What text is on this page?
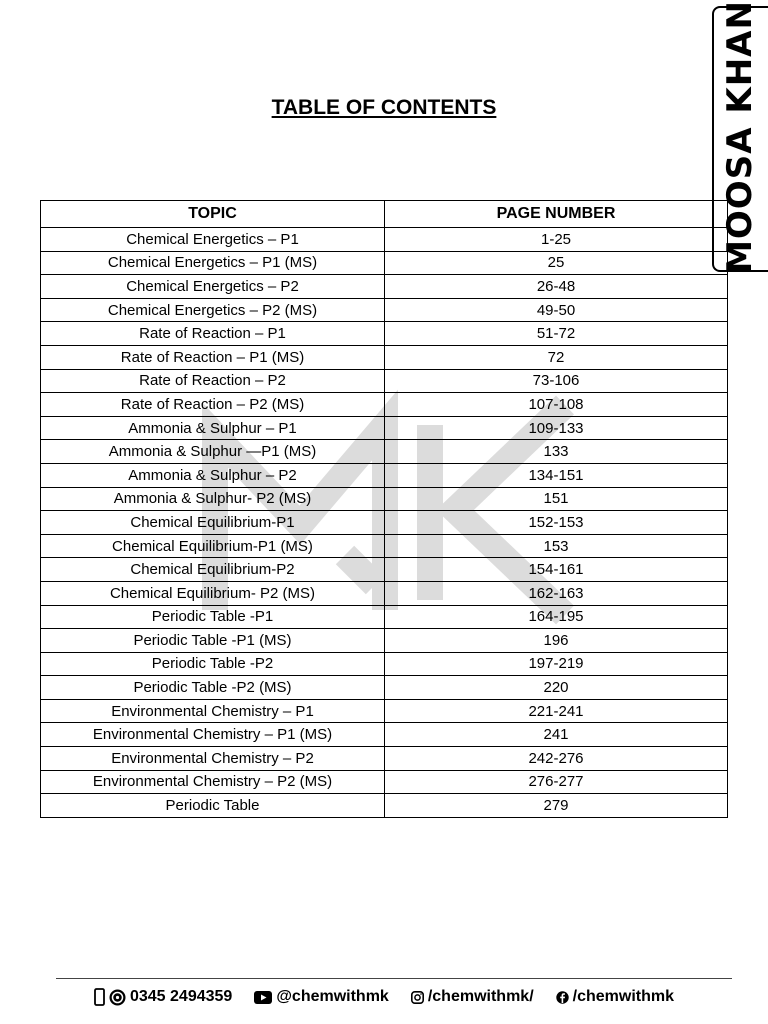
MOOSA KHAN
TABLE OF CONTENTS
TOPIC	PAGE NUMBER
Chemical Energetics – P1	1-25
Chemical Energetics – P1 (MS)	25
Chemical Energetics – P2	26-48
Chemical Energetics – P2 (MS)	49-50
Rate of Reaction – P1	51-72
Rate of Reaction – P1 (MS)	72
Rate of Reaction – P2	73-106
Rate of Reaction – P2 (MS)	107-108
Ammonia & Sulphur – P1	109-133
Ammonia & Sulphur —P1 (MS)	133
Ammonia & Sulphur – P2	134-151
Ammonia & Sulphur- P2 (MS)	151
Chemical Equilibrium-P1	152-153
Chemical Equilibrium-P1 (MS)	153
Chemical Equilibrium-P2	154-161
Chemical Equilibrium- P2 (MS)	162-163
Periodic Table -P1	164-195
Periodic Table -P1 (MS)	196
Periodic Table -P2	197-219
Periodic Table -P2 (MS)	220
Environmental Chemistry – P1	221-241
Environmental Chemistry – P1 (MS)	241
Environmental Chemistry – P2	242-276
Environmental Chemistry – P2 (MS)	276-277
Periodic Table	279
0345 2494359	@chemwithmk /chemwithmk/ /chemwithmk
